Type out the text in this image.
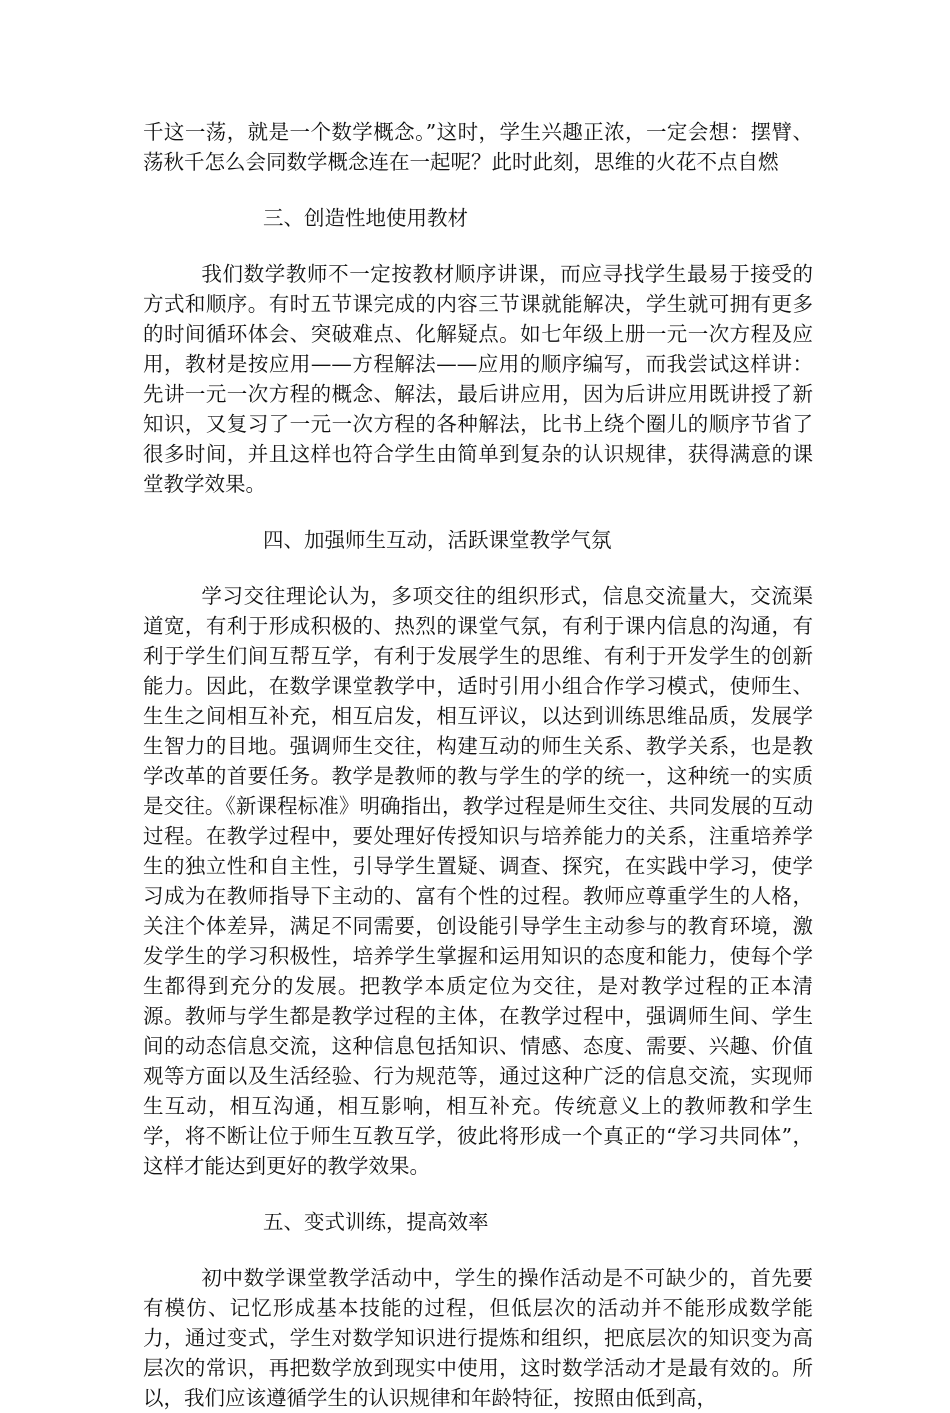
千这一荡，就是一个数学概念。”这时，学生兴趣正浓，一定会想：摆臂、荡秋千怎么会同数学概念连在一起呢？此时此刻，思维的火花不点自燃

三、创造性地使用教材

我们数学教师不一定按教材顺序讲课，而应寻找学生最易于接受的方式和顺序。有时五节课完成的内容三节课就能解决，学生就可拥有更多的时间循环体会、突破难点、化解疑点。如七年级上册一元一次方程及应用，教材是按应用——方程解法——应用的顺序编写，而我尝试这样讲：先讲一元一次方程的概念、解法，最后讲应用，因为后讲应用既讲授了新知识，又复习了一元一次方程的各种解法，比书上绕个圈儿的顺序节省了很多时间，并且这样也符合学生由简单到复杂的认识规律，获得满意的课堂教学效果。

四、加强师生互动，活跃课堂教学气氛

学习交往理论认为，多项交往的组织形式，信息交流量大，交流渠道宽，有利于形成积极的、热烈的课堂气氛，有利于课内信息的沟通，有利于学生们间互帮互学，有利于发展学生的思维、有利于开发学生的创新能力。因此，在数学课堂教学中，适时引用小组合作学习模式，使师生、生生之间相互补充，相互启发，相互评议，以达到训练思维品质，发展学生智力的目地。强调师生交往，构建互动的师生关系、教学关系，也是教学改革的首要任务。教学是教师的教与学生的学的统一，这种统一的实质是交往。《新课程标准》明确指出，教学过程是师生交往、共同发展的互动过程。在教学过程中，要处理好传授知识与培养能力的关系，注重培养学生的独立性和自主性，引导学生置疑、调查、探究，在实践中学习，使学习成为在教师指导下主动的、富有个性的过程。教师应尊重学生的人格，关注个体差异，满足不同需要，创设能引导学生主动参与的教育环境，激发学生的学习积极性，培养学生掌握和运用知识的态度和能力，使每个学生都得到充分的发展。把教学本质定位为交往，是对教学过程的正本清源。教师与学生都是教学过程的主体，在教学过程中，强调师生间、学生间的动态信息交流，这种信息包括知识、情感、态度、需要、兴趣、价值观等方面以及生活经验、行为规范等，通过这种广泛的信息交流，实现师生互动，相互沟通，相互影响，相互补充。传统意义上的教师教和学生学，将不断让位于师生互教互学，彼此将形成一个真正的“学习共同体”，这样才能达到更好的教学效果。

五、变式训练，提高效率

初中数学课堂教学活动中，学生的操作活动是不可缺少的，首先要有模仿、记忆形成基本技能的过程，但低层次的活动并不能形成数学能力，通过变式，学生对数学知识进行提炼和组织，把底层次的知识变为高层次的常识，再把数学放到现实中使用，这时数学活动才是最有效的。所以，我们应该遵循学生的认识规律和年龄特征，按照由低到高，
